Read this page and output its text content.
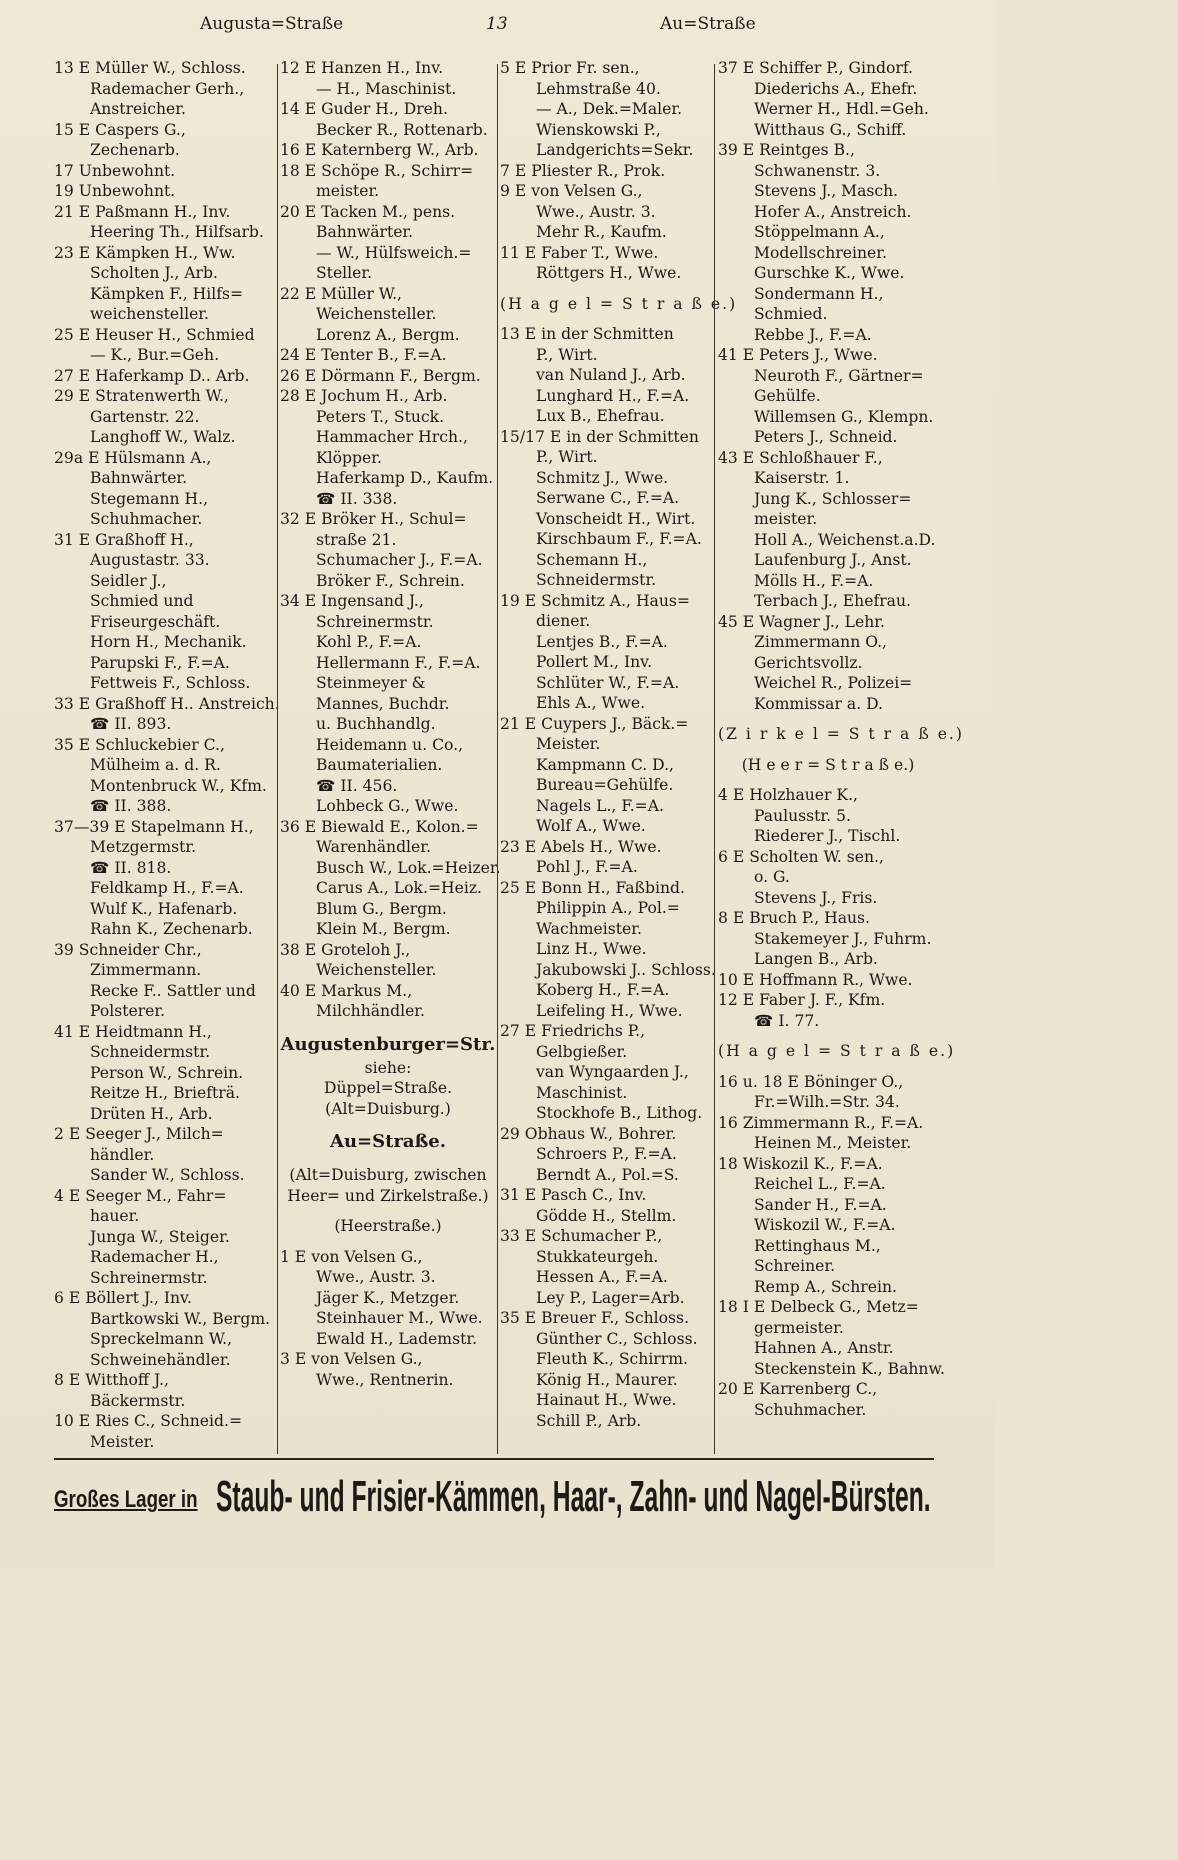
Augusta=Straße	13	Au=Straße
13 E Müller W., Schloss.
Rademacher Gerh.,
Anstreicher.
15 E Caspers G.,
Zechenarb.
17 Unbewohnt.
19 Unbewohnt.
21 E Paßmann H., Inv.
Heering Th., Hilfsarb.
23 E Kämpken H., Ww.
Scholten J., Arb.
Kämpken F., Hilfs=
weichensteller.
25 E Heuser H., Schmied
— K., Bur.=Geh.
27 E Haferkamp D.. Arb.
29 E Stratenwerth W.,
Gartenstr. 22.
Langhoff W., Walz.
29a E Hülsmann A.,
Bahnwärter.
Stegemann H.,
Schuhmacher.
31 E Graßhoff H.,
Augustastr. 33.
Seidler J.,
Schmied und
Friseurgeschäft.
Horn H., Mechanik.
Parupski F., F.=A.
Fettweis F., Schloss.
33 E Graßhoff H.. Anstreich.
☎ II. 893.
35 E Schluckebier C.,
Mülheim a. d. R.
Montenbruck W., Kfm.
☎ II. 388.
37—39 E Stapelmann H.,
Metzgermstr.
☎ II. 818.
Feldkamp H., F.=A.
Wulf K., Hafenarb.
Rahn K., Zechenarb.
39 Schneider Chr.,
Zimmermann.
Recke F.. Sattler und
Polsterer.
41 E Heidtmann H.,
Schneidermstr.
Person W., Schrein.
Reitze H., Briefträ.
Drüten H., Arb.
2 E Seeger J., Milch=
händler.
Sander W., Schloss.
4 E Seeger M., Fahr=
hauer.
Junga W., Steiger.
Rademacher H.,
Schreinermstr.
6 E Böllert J., Inv.
Bartkowski W., Bergm.
Spreckelmann W.,
Schweinehändler.
8 E Witthoff J.,
Bäckermstr.
10 E Ries C., Schneid.=
Meister.
12 E Hanzen H., Inv.
— H., Maschinist.
14 E Guder H., Dreh.
Becker R., Rottenarb.
16 E Katernberg W., Arb.
18 E Schöpe R., Schirr=
meister.
20 E Tacken M., pens.
Bahnwärter.
— W., Hülfsweich.=
Steller.
22 E Müller W.,
Weichensteller.
Lorenz A., Bergm.
24 E Tenter B., F.=A.
26 E Dörmann F., Bergm.
28 E Jochum H., Arb.
Peters T., Stuck.
Hammacher Hrch.,
Klöpper.
Haferkamp D., Kaufm.
☎ II. 338.
32 E Bröker H., Schul=
straße 21.
Schumacher J., F.=A.
Bröker F., Schrein.
34 E Ingensand J.,
Schreinermstr.
Kohl P., F.=A.
Hellermann F., F.=A.
Steinmeyer &
Mannes, Buchdr.
u. Buchhandlg.
Heidemann u. Co.,
Baumaterialien.
☎ II. 456.
Lohbeck G., Wwe.
36 E Biewald E., Kolon.=
Warenhändler.
Busch W., Lok.=Heizer.
Carus A., Lok.=Heiz.
Blum G., Bergm.
Klein M., Bergm.
38 E Groteloh J.,
Weichensteller.
40 E Markus M.,
Milchhändler.
Augustenburger=Str.
siehe:
Düppel=Straße.
(Alt=Duisburg.)
Au=Straße.
(Alt=Duisburg, zwischen
Heer= und Zirkelstraße.)
(Heerstraße.)
1 E von Velsen G.,
Wwe., Austr. 3.
Jäger K., Metzger.
Steinhauer M., Wwe.
Ewald H., Lademstr.
3 E von Velsen G.,
Wwe., Rentnerin.
5 E Prior Fr. sen.,
Lehmstraße 40.
— A., Dek.=Maler.
Wienskowski P.,
Landgerichts=Sekr.
7 E Pliester R., Prok.
9 E von Velsen G.,
Wwe., Austr. 3.
Mehr R., Kaufm.
11 E Faber T., Wwe.
Röttgers H., Wwe.
(H a g e l = S t r a ß e.)
13 E in der Schmitten
P., Wirt.
van Nuland J., Arb.
Lunghard H., F.=A.
Lux B., Ehefrau.
15/17 E in der Schmitten
P., Wirt.
Schmitz J., Wwe.
Serwane C., F.=A.
Vonscheidt H., Wirt.
Kirschbaum F., F.=A.
Schemann H.,
Schneidermstr.
19 E Schmitz A., Haus=
diener.
Lentjes B., F.=A.
Pollert M., Inv.
Schlüter W., F.=A.
Ehls A., Wwe.
21 E Cuypers J., Bäck.=
Meister.
Kampmann C. D.,
Bureau=Gehülfe.
Nagels L., F.=A.
Wolf A., Wwe.
23 E Abels H., Wwe.
Pohl J., F.=A.
25 E Bonn H., Faßbind.
Philippin A., Pol.=
Wachmeister.
Linz H., Wwe.
Jakubowski J.. Schloss.
Koberg H., F.=A.
Leifeling H., Wwe.
27 E Friedrichs P.,
Gelbgießer.
van Wyngaarden J.,
Maschinist.
Stockhofe B., Lithog.
29 Obhaus W., Bohrer.
Schroers P., F.=A.
Berndt A., Pol.=S.
31 E Pasch C., Inv.
Gödde H., Stellm.
33 E Schumacher P.,
Stukkateurgeh.
Hessen A., F.=A.
Ley P., Lager=Arb.
35 E Breuer F., Schloss.
Günther C., Schloss.
Fleuth K., Schirrm.
König H., Maurer.
Hainaut H., Wwe.
Schill P., Arb.
37 E Schiffer P., Gindorf.
Diederichs A., Ehefr.
Werner H., Hdl.=Geh.
Witthaus G., Schiff.
39 E Reintges B.,
Schwanenstr. 3.
Stevens J., Masch.
Hofer A., Anstreich.
Stöppelmann A.,
Modellschreiner.
Gurschke K., Wwe.
Sondermann H.,
Schmied.
Rebbe J., F.=A.
41 E Peters J., Wwe.
Neuroth F., Gärtner=
Gehülfe.
Willemsen G., Klempn.
Peters J., Schneid.
43 E Schloßhauer F.,
Kaiserstr. 1.
Jung K., Schlosser=
meister.
Holl A., Weichenst.a.D.
Laufenburg J., Anst.
Mölls H., F.=A.
Terbach J., Ehefrau.
45 E Wagner J., Lehr.
Zimmermann O.,
Gerichtsvollz.
Weichel R., Polizei=
Kommissar a. D.
(Z i r k e l = S t r a ß e.)
(H e e r = S t r a ß e.)
4 E Holzhauer K.,
Paulusstr. 5.
Riederer J., Tischl.
6 E Scholten W. sen.,
o. G.
Stevens J., Fris.
8 E Bruch P., Haus.
Stakemeyer J., Fuhrm.
Langen B., Arb.
10 E Hoffmann R., Wwe.
12 E Faber J. F., Kfm.
☎ I. 77.
(H a g e l = S t r a ß e.)
16 u. 18 E Böninger O.,
Fr.=Wilh.=Str. 34.
16 Zimmermann R., F.=A.
Heinen M., Meister.
18 Wiskozil K., F.=A.
Reichel L., F.=A.
Sander H., F.=A.
Wiskozil W., F.=A.
Rettinghaus M.,
Schreiner.
Remp A., Schrein.
18 I E Delbeck G., Metz=
germeister.
Hahnen A., Anstr.
Steckenstein K., Bahnw.
20 E Karrenberg C.,
Schuhmacher.
Großes Lager in Staub- und Frisier-Kämmen, Haar-, Zahn- und Nagel-Bürsten.
